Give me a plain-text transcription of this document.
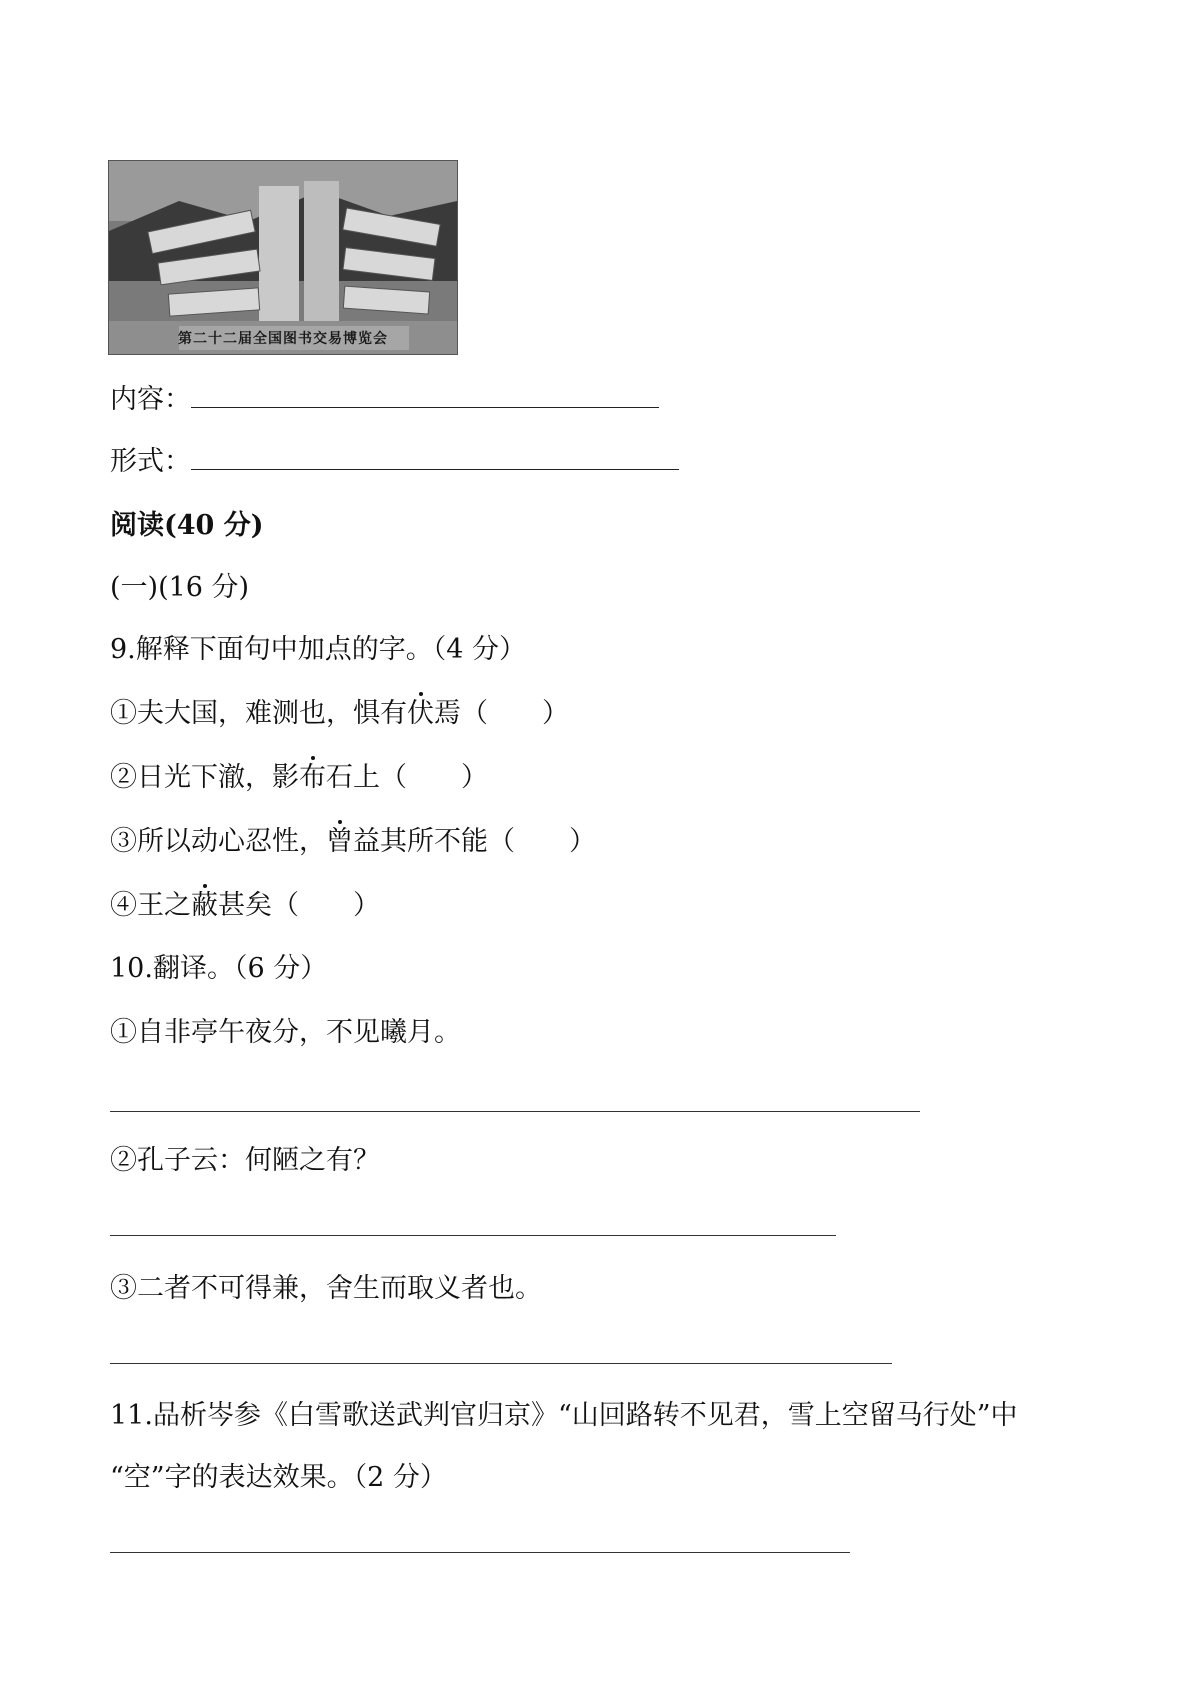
第二十二届全国图书交易博览会
内容：
形式：
阅读(40 分)
(一)(16 分)
9.解释下面句中加点的字。（4 分）
①夫大国，难测也，惧有伏焉（　　）
②日光下澈，影布石上（　　）
③所以动心忍性，曾益其所不能（　　）
④王之蔽甚矣（　　）
10.翻译。（6 分）
①自非亭午夜分，不见曦月。
②孔子云：何陋之有？
③二者不可得兼，舍生而取义者也。
11.品析岑参《白雪歌送武判官归京》“山回路转不见君，雪上空留马行处”中
“空”字的表达效果。（2 分）
